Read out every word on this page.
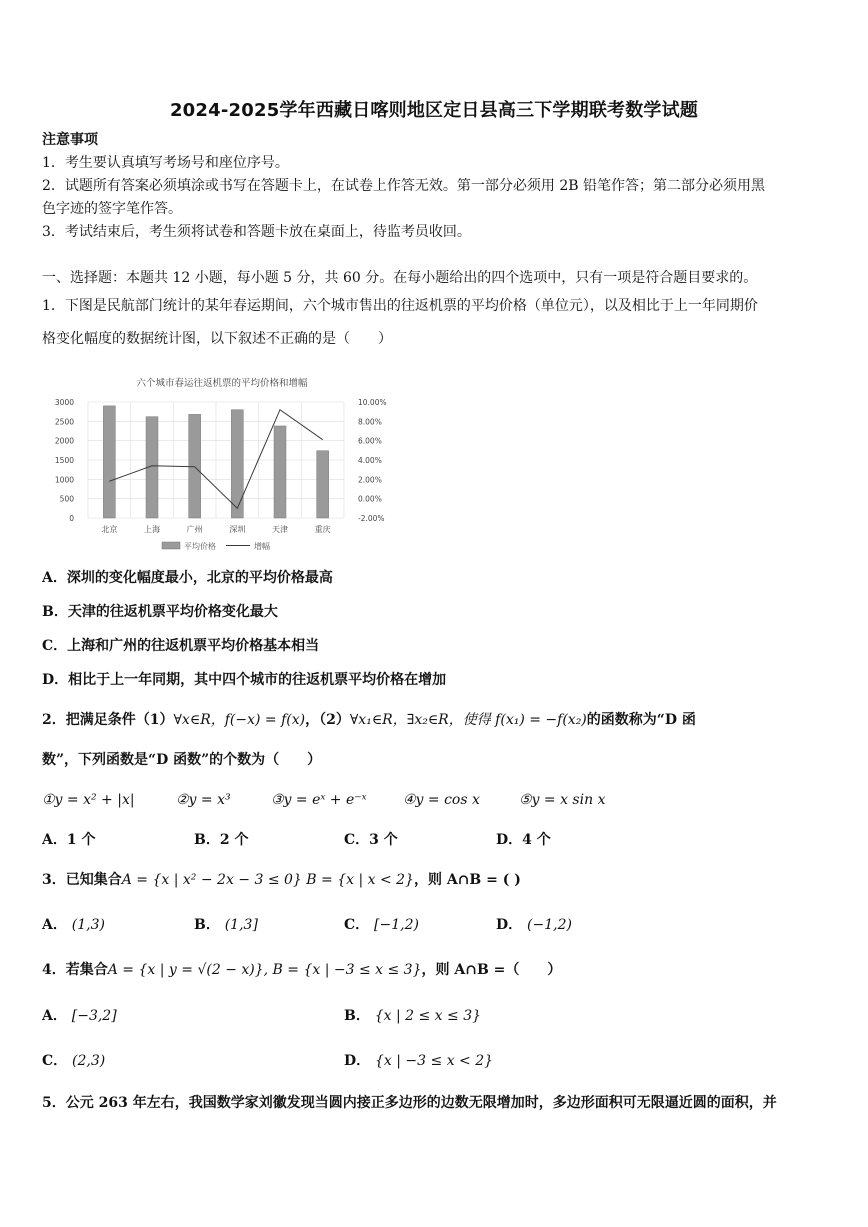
2024-2025学年西藏日喀则地区定日县高三下学期联考数学试题
注意事项
1．考生要认真填写考场号和座位序号。
2．试题所有答案必须填涂或书写在答题卡上，在试卷上作答无效。第一部分必须用 2B 铅笔作答；第二部分必须用黑
色字迹的签字笔作答。
3．考试结束后，考生须将试卷和答题卡放在桌面上，待监考员收回。
一、选择题：本题共 12 小题，每小题 5 分，共 60 分。在每小题给出的四个选项中，只有一项是符合题目要求的。
1．下图是民航部门统计的某年春运期间，六个城市售出的往返机票的平均价格（单位元），以及相比于上一年同期价
格变化幅度的数据统计图，以下叙述不正确的是（　　）
六个城市春运往返机票的平均价格和增幅
0
500
1000
1500
2000
2500
3000
-2.00%
0.00%
2.00%
4.00%
6.00%
8.00%
10.00%
北京	上海	广州	深圳	天津	重庆
平均价格	增幅
A．深圳的变化幅度最小，北京的平均价格最高
B．天津的往返机票平均价格变化最大
C．上海和广州的往返机票平均价格基本相当
D．相比于上一年同期，其中四个城市的往返机票平均价格在增加
2．把满足条件（1）∀x∈R，f(−x) = f(x)，（2）∀x₁∈R，∃x₂∈R，使得 f(x₁) = −f(x₂)的函数称为“D 函
数”，下列函数是“D 函数”的个数为（　　）
①y = x² + |x|	②y = x³	③y = eˣ + e⁻ˣ	④y = cos x	⑤y = x sin x
A．1 个	B．2 个	C．3 个	D．4 个
3．已知集合A = {x | x² − 2x − 3 ≤ 0} B = {x | x < 2}，则 A∩B = ( )
A． (1,3)	B． (1,3]	C． [−1,2)	D． (−1,2)
4．若集合A = {x | y = √(2 − x)}, B = {x | −3 ≤ x ≤ 3}，则 A∩B =（　　）
A． [−3,2]	B． {x | 2 ≤ x ≤ 3}
C． (2,3)	D． {x | −3 ≤ x < 2}
5．公元 263 年左右，我国数学家刘徽发现当圆内接正多边形的边数无限增加时，多边形面积可无限逼近圆的面积，并
